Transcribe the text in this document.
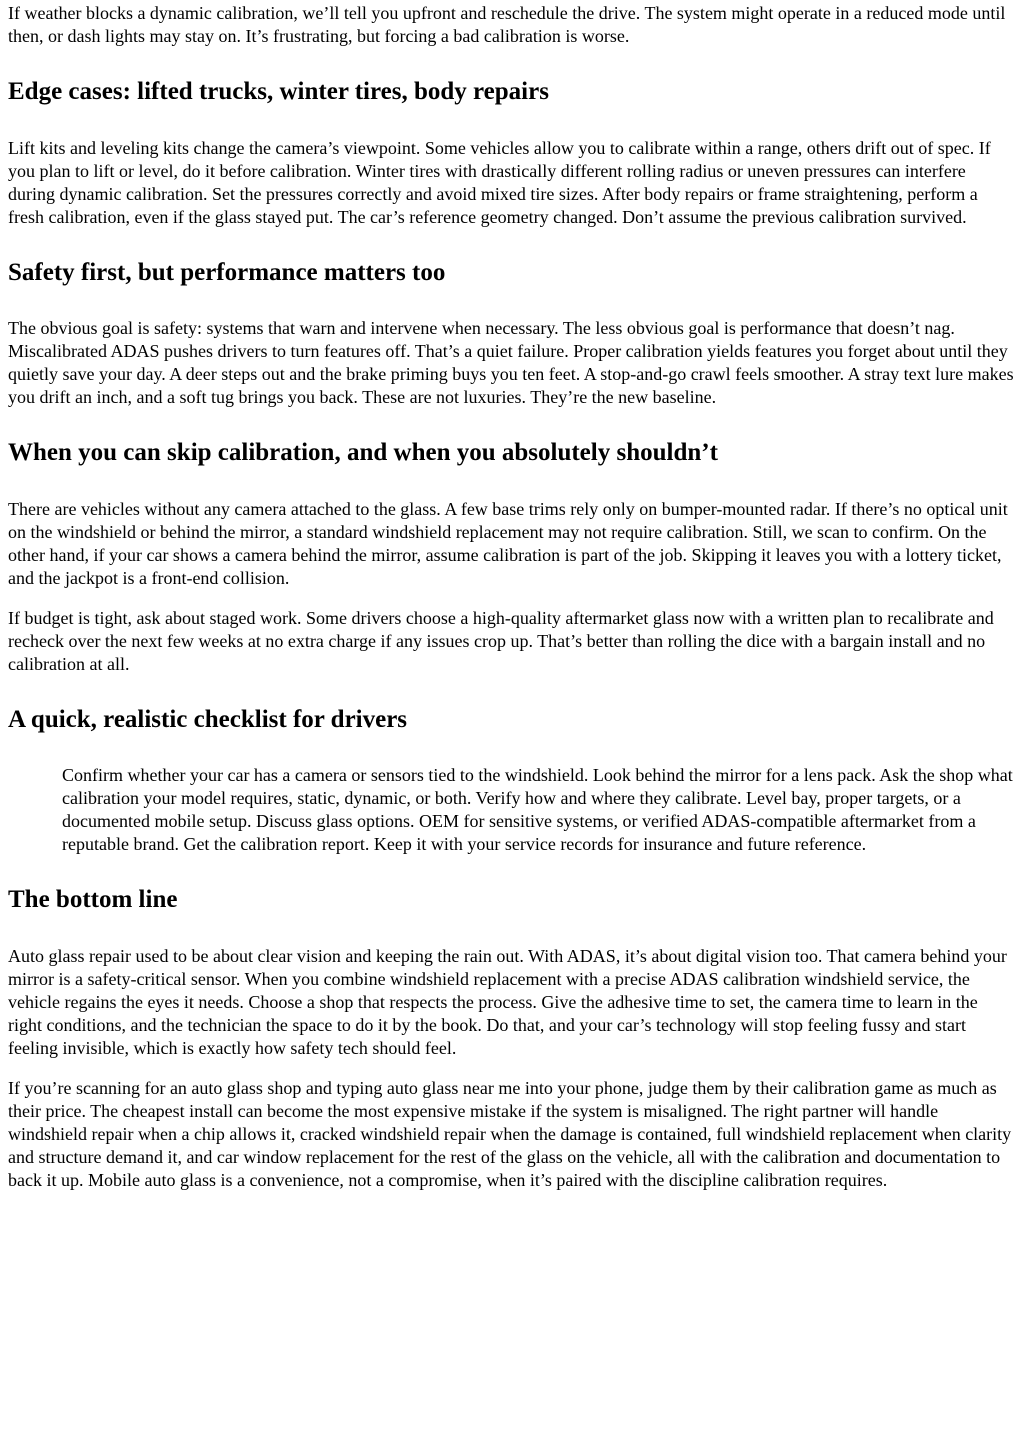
If weather blocks a dynamic calibration, we’ll tell you upfront and reschedule the drive. The system might operate in a reduced mode until then, or dash lights may stay on. It’s frustrating, but forcing a bad calibration is worse.

Edge cases: lifted trucks, winter tires, body repairs

Lift kits and leveling kits change the camera’s viewpoint. Some vehicles allow you to calibrate within a range, others drift out of spec. If you plan to lift or level, do it before calibration. Winter tires with drastically different rolling radius or uneven pressures can interfere during dynamic calibration. Set the pressures correctly and avoid mixed tire sizes. After body repairs or frame straightening, perform a fresh calibration, even if the glass stayed put. The car’s reference geometry changed. Don’t assume the previous calibration survived.

Safety first, but performance matters too

The obvious goal is safety: systems that warn and intervene when necessary. The less obvious goal is performance that doesn’t nag. Miscalibrated ADAS pushes drivers to turn features off. That’s a quiet failure. Proper calibration yields features you forget about until they quietly save your day. A deer steps out and the brake priming buys you ten feet. A stop-and-go crawl feels smoother. A stray text lure makes you drift an inch, and a soft tug brings you back. These are not luxuries. They’re the new baseline.

When you can skip calibration, and when you absolutely shouldn’t

There are vehicles without any camera attached to the glass. A few base trims rely only on bumper-mounted radar. If there’s no optical unit on the windshield or behind the mirror, a standard windshield replacement may not require calibration. Still, we scan to confirm. On the other hand, if your car shows a camera behind the mirror, assume calibration is part of the job. Skipping it leaves you with a lottery ticket, and the jackpot is a front-end collision.

If budget is tight, ask about staged work. Some drivers choose a high-quality aftermarket glass now with a written plan to recalibrate and recheck over the next few weeks at no extra charge if any issues crop up. That’s better than rolling the dice with a bargain install and no calibration at all.

A quick, realistic checklist for drivers

Confirm whether your car has a camera or sensors tied to the windshield. Look behind the mirror for a lens pack. Ask the shop what calibration your model requires, static, dynamic, or both. Verify how and where they calibrate. Level bay, proper targets, or a documented mobile setup. Discuss glass options. OEM for sensitive systems, or verified ADAS-compatible aftermarket from a reputable brand. Get the calibration report. Keep it with your service records for insurance and future reference.

The bottom line

Auto glass repair used to be about clear vision and keeping the rain out. With ADAS, it’s about digital vision too. That camera behind your mirror is a safety-critical sensor. When you combine windshield replacement with a precise ADAS calibration windshield service, the vehicle regains the eyes it needs. Choose a shop that respects the process. Give the adhesive time to set, the camera time to learn in the right conditions, and the technician the space to do it by the book. Do that, and your car’s technology will stop feeling fussy and start feeling invisible, which is exactly how safety tech should feel.

If you’re scanning for an auto glass shop and typing auto glass near me into your phone, judge them by their calibration game as much as their price. The cheapest install can become the most expensive mistake if the system is misaligned. The right partner will handle windshield repair when a chip allows it, cracked windshield repair when the damage is contained, full windshield replacement when clarity and structure demand it, and car window replacement for the rest of the glass on the vehicle, all with the calibration and documentation to back it up. Mobile auto glass is a convenience, not a compromise, when it’s paired with the discipline calibration requires.
